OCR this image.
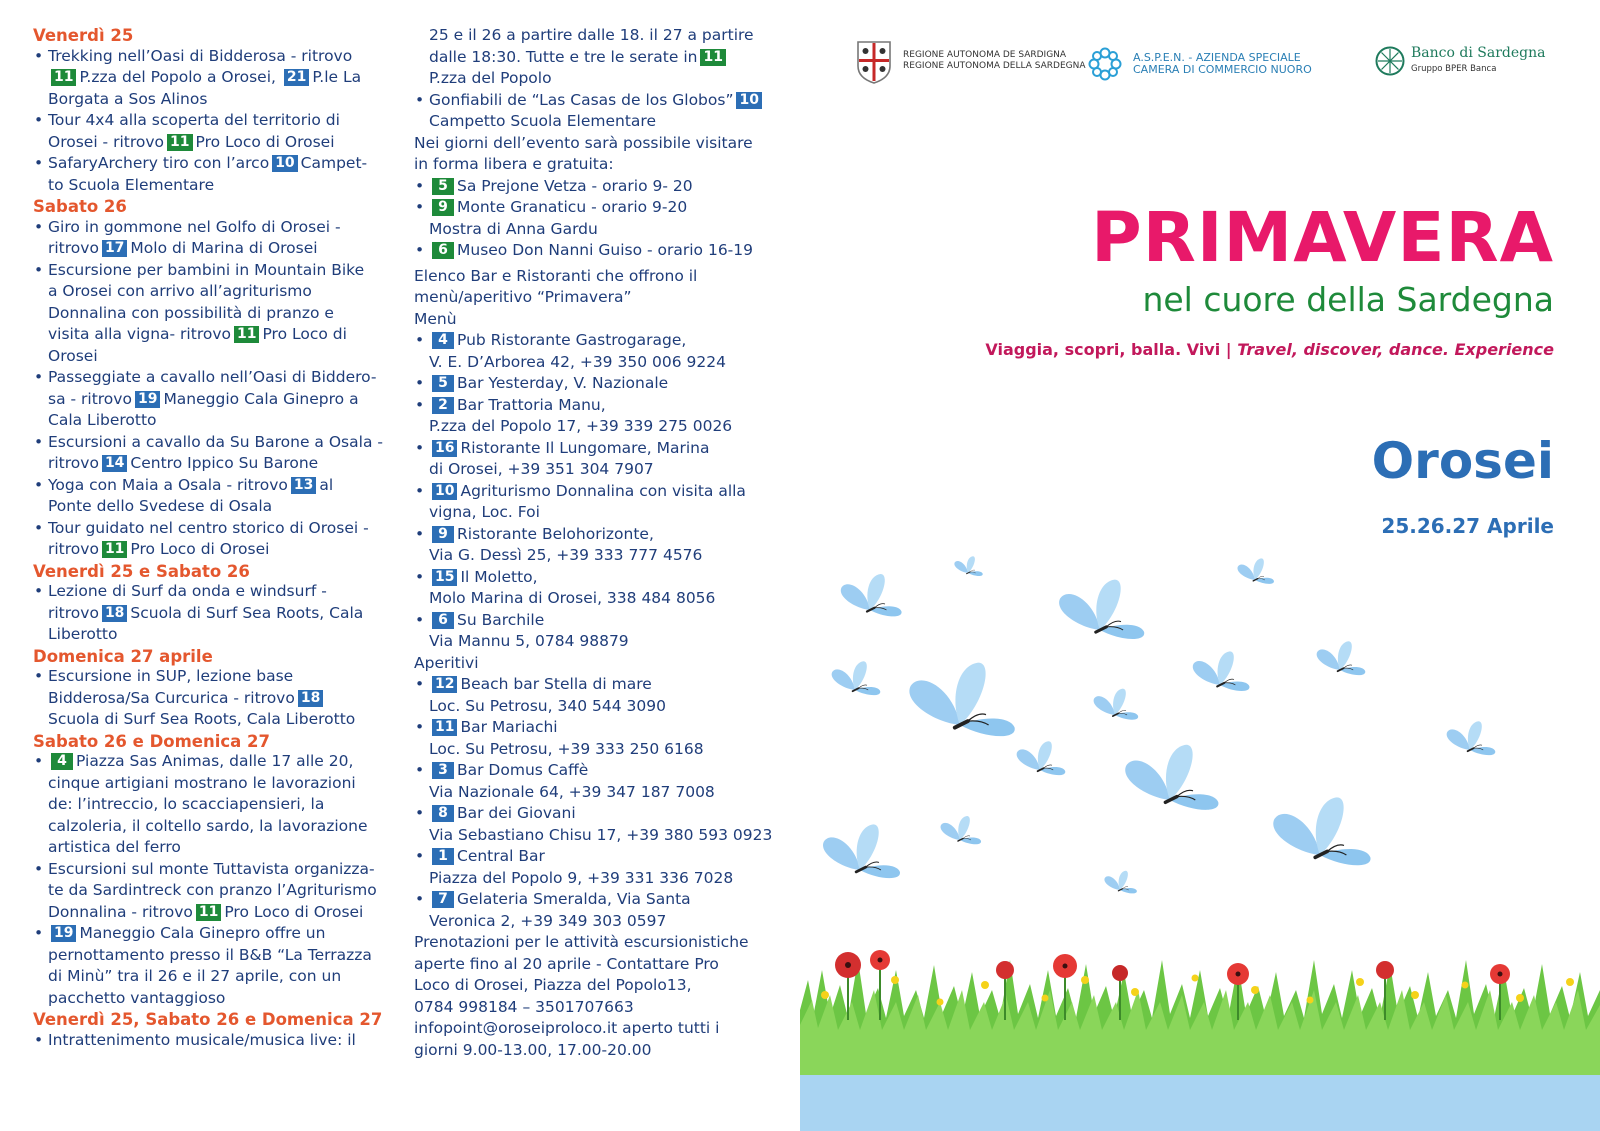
Venerdì 25
• Trekking nell’Oasi di Bidderosa - ritrovo
11 P.zza del Popolo a Orosei, 21 P.le La
Borgata a Sos Alinos
• Tour 4x4 alla scoperta del territorio di
Orosei - ritrovo 11 Pro Loco di Orosei
• SafaryArchery tiro con l’arco 10 Campet-
to Scuola Elementare
Sabato 26
• Giro in gommone nel Golfo di Orosei -
ritrovo 17 Molo di Marina di Orosei
• Escursione per bambini in Mountain Bike
a Orosei con arrivo all’agriturismo
Donnalina con possibilità di pranzo e
visita alla vigna- ritrovo 11 Pro Loco di
Orosei
• Passeggiate a cavallo nell’Oasi di Biddero-
sa - ritrovo 19 Maneggio Cala Ginepro a
Cala Liberotto
• Escursioni a cavallo da Su Barone a Osala -
ritrovo 14 Centro Ippico Su Barone
• Yoga con Maia a Osala - ritrovo 13 al
Ponte dello Svedese di Osala
• Tour guidato nel centro storico di Orosei -
ritrovo 11 Pro Loco di Orosei
Venerdì 25 e Sabato 26
• Lezione di Surf da onda e windsurf -
ritrovo 18 Scuola di Surf Sea Roots, Cala
Liberotto
Domenica 27 aprile
• Escursione in SUP, lezione base
Bidderosa/Sa Curcurica - ritrovo 18
Scuola di Surf Sea Roots, Cala Liberotto
Sabato 26 e Domenica 27
• 4 Piazza Sas Animas, dalle 17 alle 20,
cinque artigiani mostrano le lavorazioni
de: l’intreccio, lo scacciapensieri, la
calzoleria, il coltello sardo, la lavorazione
artistica del ferro
• Escursioni sul monte Tuttavista organizza-
te da Sardintreck con pranzo l’Agriturismo
Donnalina - ritrovo 11 Pro Loco di Orosei
• 19 Maneggio Cala Ginepro offre un
pernottamento presso il B&B “La Terrazza
di Minù” tra il 26 e il 27 aprile, con un
pacchetto vantaggioso
Venerdì 25, Sabato 26 e Domenica 27
• Intrattenimento musicale/musica live: il
25 e il 26 a partire dalle 18. il 27 a partire
dalle 18:30. Tutte e tre le serate in 11
P.zza del Popolo
• Gonfiabili de “Las Casas de los Globos” 10
Campetto Scuola Elementare
Nei giorni dell’evento sarà possibile visitare
in forma libera e gratuita:
• 5 Sa Prejone Vetza - orario 9- 20
• 9 Monte Granaticu - orario 9-20
Mostra di Anna Gardu
• 6 Museo Don Nanni Guiso - orario 16-19
Elenco Bar e Ristoranti che offrono il
menù/aperitivo “Primavera”
Menù
• 4 Pub Ristorante Gastrogarage,
V. E. D’Arborea 42, +39 350 006 9224
• 5 Bar Yesterday, V. Nazionale
• 2 Bar Trattoria Manu,
P.zza del Popolo 17, +39 339 275 0026
• 16 Ristorante Il Lungomare, Marina
di Orosei, +39 351 304 7907
• 10 Agriturismo Donnalina con visita alla
vigna, Loc. Foi
• 9 Ristorante Belohorizonte,
Via G. Dessì 25, +39 333 777 4576
• 15 Il Moletto,
Molo Marina di Orosei, 338 484 8056
• 6 Su Barchile
Via Mannu 5, 0784 98879
Aperitivi
• 12 Beach bar Stella di mare
Loc. Su Petrosu, 340 544 3090
• 11 Bar Mariachi
Loc. Su Petrosu, +39 333 250 6168
• 3 Bar Domus Caffè
Via Nazionale 64, +39 347 187 7008
• 8 Bar dei Giovani
Via Sebastiano Chisu 17, +39 380 593 0923
• 1 Central Bar
Piazza del Popolo 9, +39 331 336 7028
• 7 Gelateria Smeralda, Via Santa
Veronica 2, +39 349 303 0597
Prenotazioni per le attività escursionistiche
aperte fino al 20 aprile - Contattare Pro
Loco di Orosei, Piazza del Popolo13,
0784 998184 – 3501707663
infopoint@oroseiproloco.it aperto tutti i
giorni 9.00-13.00, 17.00-20.00
REGIONE AUTONOMA DE SARDIGNA
REGIONE AUTONOMA DELLA SARDEGNA
A.S.P.E.N. - AZIENDA SPECIALE
CAMERA DI COMMERCIO NUORO
Banco di Sardegna
Gruppo BPER Banca
PRIMAVERA
nel cuore della Sardegna
Viaggia, scopri, balla. Vivi | Travel, discover, dance. Experience
Orosei
25.26.27 Aprile
